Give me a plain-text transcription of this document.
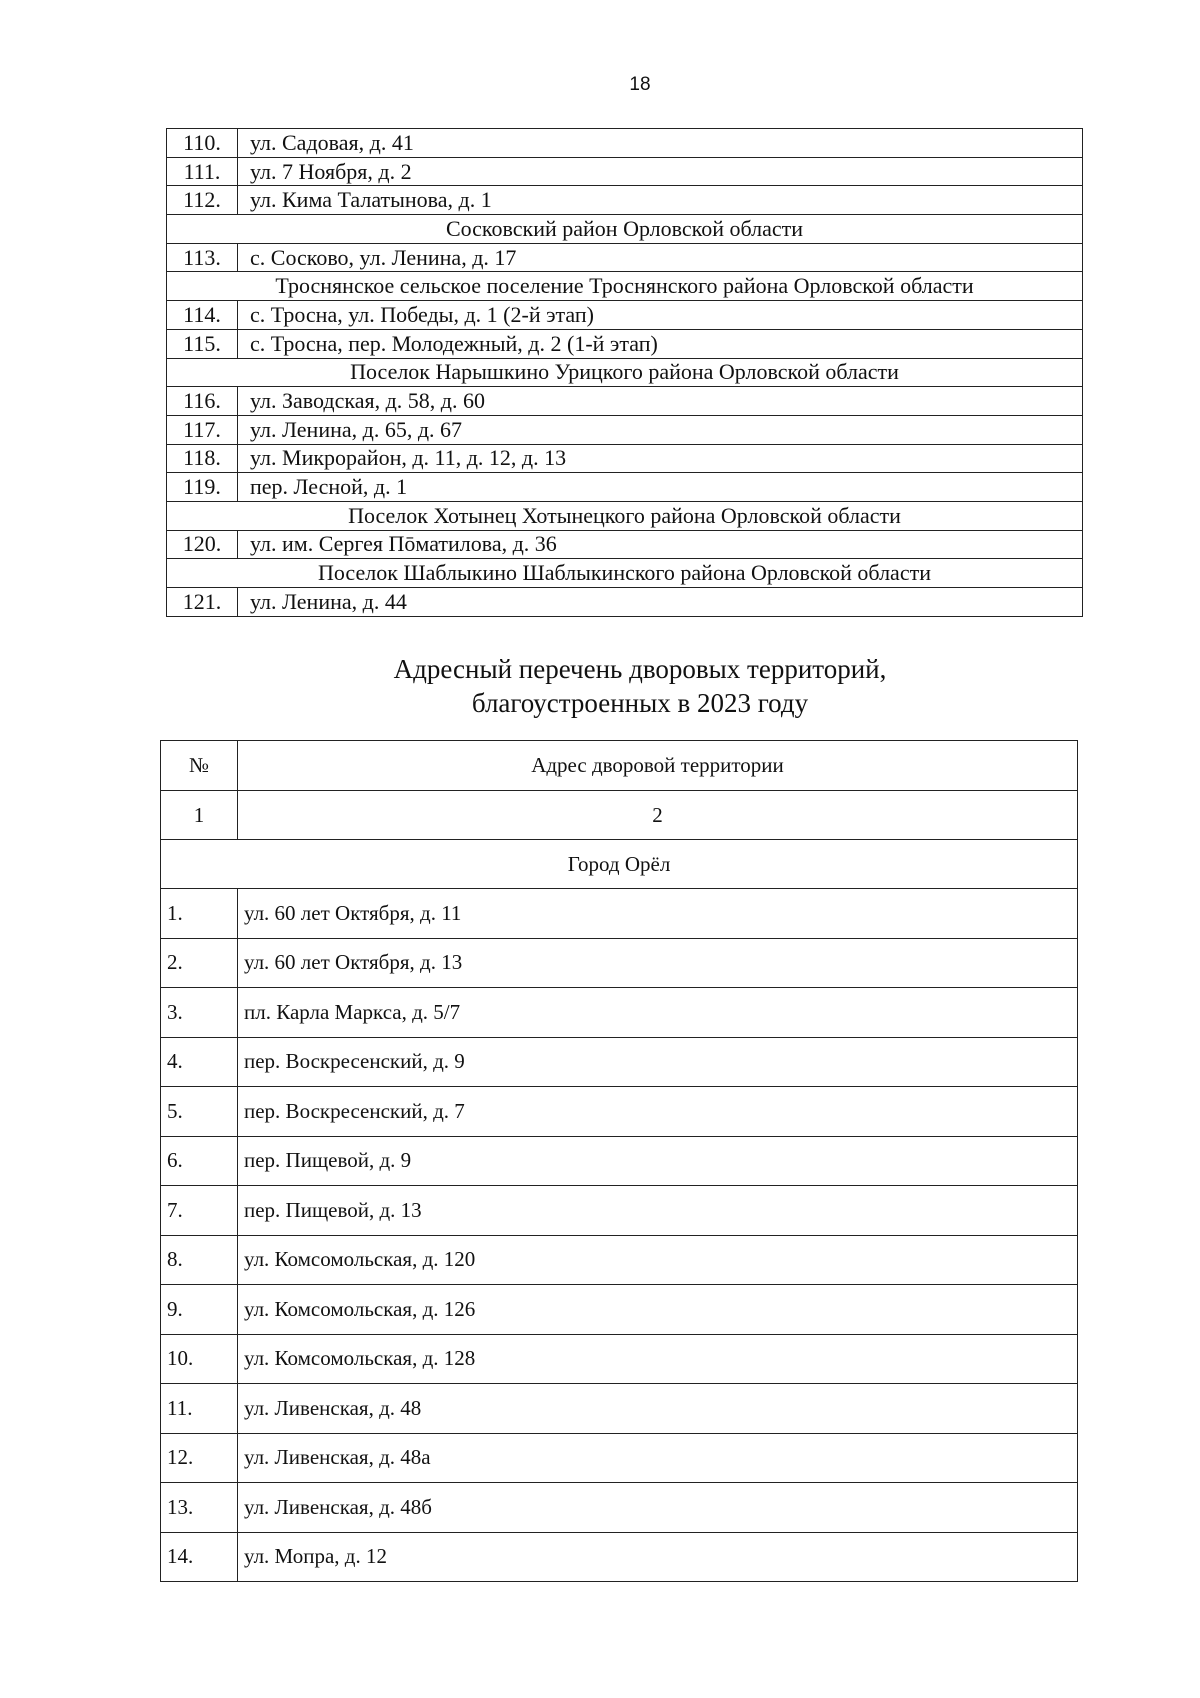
18
110.	ул. Садовая, д. 41
111.	ул. 7 Ноября, д. 2
112.	ул. Кима Талатынова, д. 1
Сосковский район Орловской области	
113.	с. Сосково, ул. Ленина, д. 17
Троснянское сельское поселение Троснянского района Орловской области	
114.	с. Тросна, ул. Победы, д. 1 (2-й этап)
115.	с. Тросна, пер. Молодежный, д. 2 (1-й этап)
Поселок Нарышкино Урицкого района Орловской области	
116.	ул. Заводская, д. 58, д. 60
117.	ул. Ленина, д. 65, д. 67
118.	ул. Микрорайон, д. 11, д. 12, д. 13
119.	пер. Лесной, д. 1
Поселок Хотынец Хотынецкого района Орловской области	
120.	ул. им. Сергея Пōматилова, д. 36
Поселок Шаблыкино Шаблыкинского района Орловской области	
121.	ул. Ленина, д. 44
Адресный перечень дворовых территорий,
благоустроенных в 2023 году
№	Адрес дворовой территории
1	2
Город Орёл	
1.	ул. 60 лет Октября, д. 11
2.	ул. 60 лет Октября, д. 13
3.	пл. Карла Маркса, д. 5/7
4.	пер. Воскресенский, д. 9
5.	пер. Воскресенский, д. 7
6.	пер. Пищевой, д. 9
7.	пер. Пищевой, д. 13
8.	ул. Комсомольская, д. 120
9.	ул. Комсомольская, д. 126
10.	ул. Комсомольская, д. 128
11.	ул. Ливенская, д. 48
12.	ул. Ливенская, д. 48а
13.	ул. Ливенская, д. 48б
14.	ул. Мопра, д. 12
